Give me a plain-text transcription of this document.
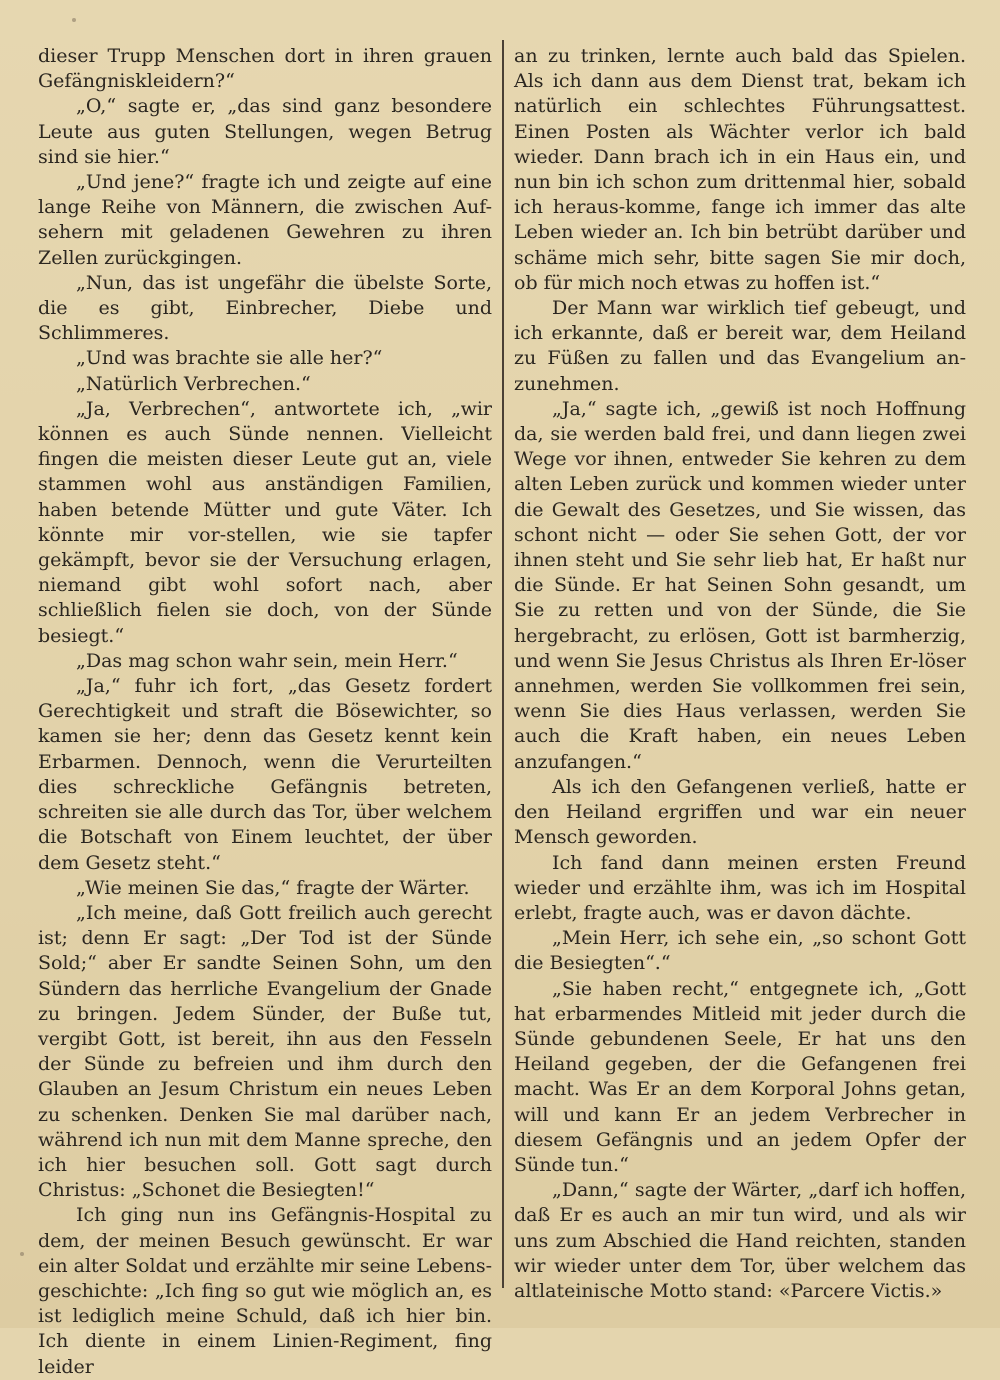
dieser Trupp Menschen dort in ihren grauen Gefängniskleidern?“

„O,“ sagte er, „das sind ganz besondere Leute aus guten Stellungen, wegen Betrug sind sie hier.“

„Und jene?“ fragte ich und zeigte auf eine lange Reihe von Männern, die zwischen Auf-sehern mit geladenen Gewehren zu ihren Zellen zurückgingen.

„Nun, das ist ungefähr die übelste Sorte, die es gibt, Einbrecher, Diebe und Schlimmeres.

„Und was brachte sie alle her?“

„Natürlich Verbrechen.“

„Ja, Verbrechen“, antwortete ich, „wir können es auch Sünde nennen. Vielleicht fingen die meisten dieser Leute gut an, viele stammen wohl aus anständigen Familien, haben betende Mütter und gute Väter. Ich könnte mir vor-stellen, wie sie tapfer gekämpft, bevor sie der Versuchung erlagen, niemand gibt wohl sofort nach, aber schließlich fielen sie doch, von der Sünde besiegt.“

„Das mag schon wahr sein, mein Herr.“

„Ja,“ fuhr ich fort, „das Gesetz fordert Gerechtigkeit und straft die Bösewichter, so kamen sie her; denn das Gesetz kennt kein Erbarmen. Dennoch, wenn die Verurteilten dies schreckliche Gefängnis betreten, schreiten sie alle durch das Tor, über welchem die Botschaft von Einem leuchtet, der über dem Gesetz steht.“

„Wie meinen Sie das,“ fragte der Wärter.

„Ich meine, daß Gott freilich auch gerecht ist; denn Er sagt: „Der Tod ist der Sünde Sold;“ aber Er sandte Seinen Sohn, um den Sündern das herrliche Evangelium der Gnade zu bringen. Jedem Sünder, der Buße tut, vergibt Gott, ist bereit, ihn aus den Fesseln der Sünde zu befreien und ihm durch den Glauben an Jesum Christum ein neues Leben zu schenken. Denken Sie mal darüber nach, während ich nun mit dem Manne spreche, den ich hier besuchen soll. Gott sagt durch Christus: „Schonet die Besiegten!“

Ich ging nun ins Gefängnis-Hospital zu dem, der meinen Besuch gewünscht. Er war ein alter Soldat und erzählte mir seine Lebens-geschichte: „Ich fing so gut wie möglich an, es ist lediglich meine Schuld, daß ich hier bin. Ich diente in einem Linien-Regiment, fing leider

an zu trinken, lernte auch bald das Spielen. Als ich dann aus dem Dienst trat, bekam ich natürlich ein schlechtes Führungsattest. Einen Posten als Wächter verlor ich bald wieder. Dann brach ich in ein Haus ein, und nun bin ich schon zum drittenmal hier, sobald ich heraus-komme, fange ich immer das alte Leben wieder an. Ich bin betrübt darüber und schäme mich sehr, bitte sagen Sie mir doch, ob für mich noch etwas zu hoffen ist.“

Der Mann war wirklich tief gebeugt, und ich erkannte, daß er bereit war, dem Heiland zu Füßen zu fallen und das Evangelium an-zunehmen.

„Ja,“ sagte ich, „gewiß ist noch Hoffnung da, sie werden bald frei, und dann liegen zwei Wege vor ihnen, entweder Sie kehren zu dem alten Leben zurück und kommen wieder unter die Gewalt des Gesetzes, und Sie wissen, das schont nicht — oder Sie sehen Gott, der vor ihnen steht und Sie sehr lieb hat, Er haßt nur die Sünde. Er hat Seinen Sohn gesandt, um Sie zu retten und von der Sünde, die Sie hergebracht, zu erlösen, Gott ist barmherzig, und wenn Sie Jesus Christus als Ihren Er-löser annehmen, werden Sie vollkommen frei sein, wenn Sie dies Haus verlassen, werden Sie auch die Kraft haben, ein neues Leben anzufangen.“

Als ich den Gefangenen verließ, hatte er den Heiland ergriffen und war ein neuer Mensch geworden.

Ich fand dann meinen ersten Freund wieder und erzählte ihm, was ich im Hospital erlebt, fragte auch, was er davon dächte.

„Mein Herr, ich sehe ein, „so schont Gott die Besiegten“.“

„Sie haben recht,“ entgegnete ich, „Gott hat erbarmendes Mitleid mit jeder durch die Sünde gebundenen Seele, Er hat uns den Heiland gegeben, der die Gefangenen frei macht. Was Er an dem Korporal Johns getan, will und kann Er an jedem Verbrecher in diesem Gefängnis und an jedem Opfer der Sünde tun.“

„Dann,“ sagte der Wärter, „darf ich hoffen, daß Er es auch an mir tun wird, und als wir uns zum Abschied die Hand reichten, standen wir wieder unter dem Tor, über welchem das altlateinische Motto stand: «Parcere Victis.»
